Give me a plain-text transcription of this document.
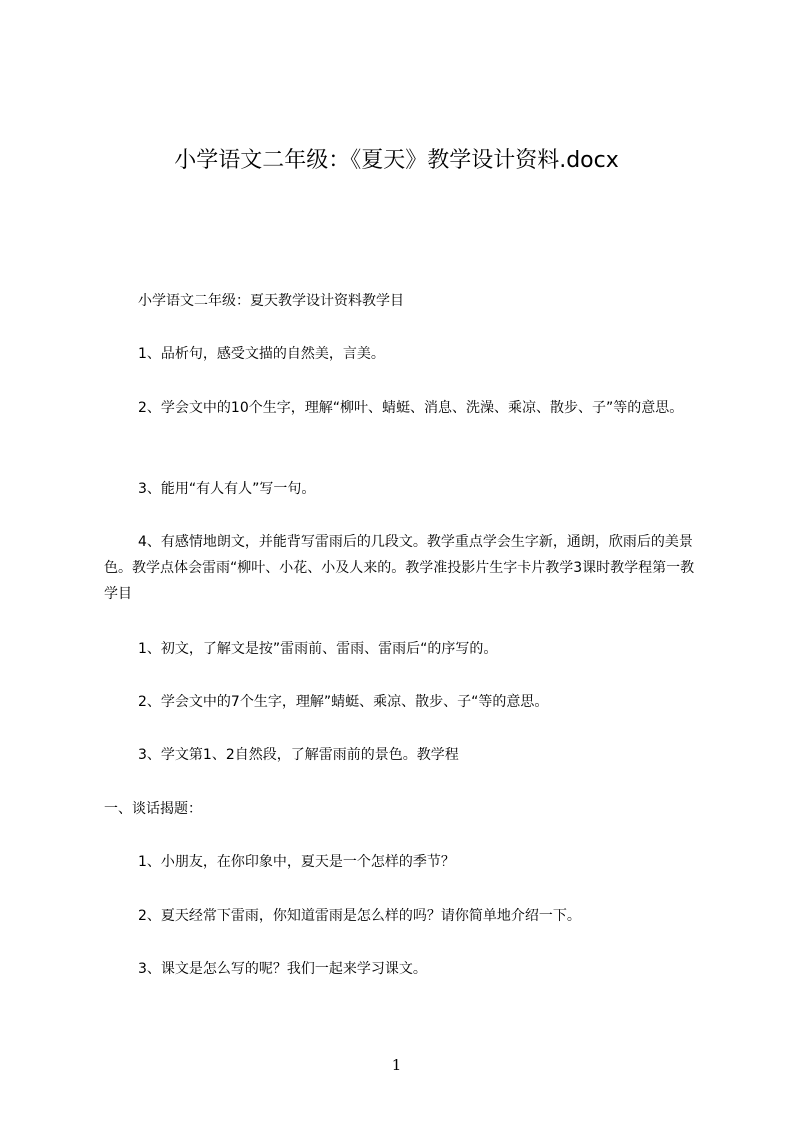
小学语文二年级：《夏天》教学设计资料.docx
小学语文二年级：夏天教学设计资料教学目
1、品析句，感受文描的自然美，言美。
2、学会文中的10个生字，理解“柳叶、蜻蜓、消息、洗澡、乘凉、散步、子”等的意思。
3、能用“有人有人”写一句。
4、有感情地朗文，并能背写雷雨后的几段文。教学重点学会生字新，通朗，欣雨后的美景色。教学点体会雷雨“柳叶、小花、小及人来的。教学准投影片生字卡片教学3课时教学程第一教学目
1、初文，了解文是按”雷雨前、雷雨、雷雨后“的序写的。
2、学会文中的7个生字，理解”蜻蜓、乘凉、散步、子“等的意思。
3、学文第1、2自然段，了解雷雨前的景色。教学程
一、谈话揭题：
1、小朋友，在你印象中，夏天是一个怎样的季节？
2、夏天经常下雷雨，你知道雷雨是怎么样的吗？请你简单地介绍一下。
3、课文是怎么写的呢？我们一起来学习课文。
1
